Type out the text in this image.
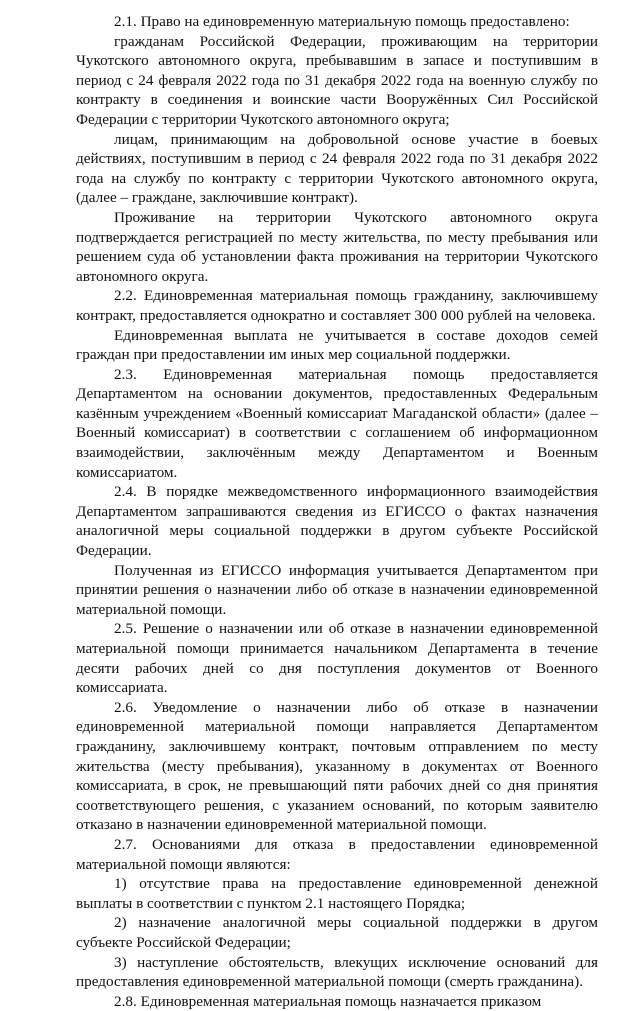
2.1. Право на единовременную материальную помощь предоставлено:

гражданам Российской Федерации, проживающим на территории Чукотского автономного округа, пребывавшим в запасе и поступившим в период с 24 февраля 2022 года по 31 декабря 2022 года на военную службу по контракту в соединения и воинские части Вооружённых Сил Российской Федерации с территории Чукотского автономного округа;

лицам, принимающим на добровольной основе участие в боевых действиях, поступившим в период с 24 февраля 2022 года по 31 декабря 2022 года на службу по контракту с территории Чукотского автономного округа, (далее – граждане, заключившие контракт).

Проживание на территории Чукотского автономного округа подтверждается регистрацией по месту жительства, по месту пребывания или решением суда об установлении факта проживания на территории Чукотского автономного округа.

2.2. Единовременная материальная помощь гражданину, заключившему контракт, предоставляется однократно и составляет 300 000 рублей на человека.

Единовременная выплата не учитывается в составе доходов семей граждан при предоставлении им иных мер социальной поддержки.

2.3. Единовременная материальная помощь предоставляется Департаментом на основании документов, предоставленных Федеральным казённым учреждением «Военный комиссариат Магаданской области» (далее – Военный комиссариат) в соответствии с соглашением об информационном взаимодействии, заключённым между Департаментом и Военным комиссариатом.

2.4. В порядке межведомственного информационного взаимодействия Департаментом запрашиваются сведения из ЕГИССО о фактах назначения аналогичной меры социальной поддержки в другом субъекте Российской Федерации.

Полученная из ЕГИССО информация учитывается Департаментом при принятии решения о назначении либо об отказе в назначении единовременной материальной помощи.

2.5. Решение о назначении или об отказе в назначении единовременной материальной помощи принимается начальником Департамента в течение десяти рабочих дней со дня поступления документов от Военного комиссариата.

2.6. Уведомление о назначении либо об отказе в назначении единовременной материальной помощи направляется Департаментом гражданину, заключившему контракт, почтовым отправлением по месту жительства (месту пребывания), указанному в документах от Военного комиссариата, в срок, не превышающий пяти рабочих дней со дня принятия соответствующего решения, с указанием оснований, по которым заявителю отказано в назначении единовременной материальной помощи.

2.7. Основаниями для отказа в предоставлении единовременной материальной помощи являются:

1) отсутствие права на предоставление единовременной денежной выплаты в соответствии с пунктом 2.1 настоящего Порядка;

2) назначение аналогичной меры социальной поддержки в другом субъекте Российской Федерации;

3) наступление обстоятельств, влекущих исключение оснований для предоставления единовременной материальной помощи (смерть гражданина).

2.8. Единовременная материальная помощь назначается приказом
